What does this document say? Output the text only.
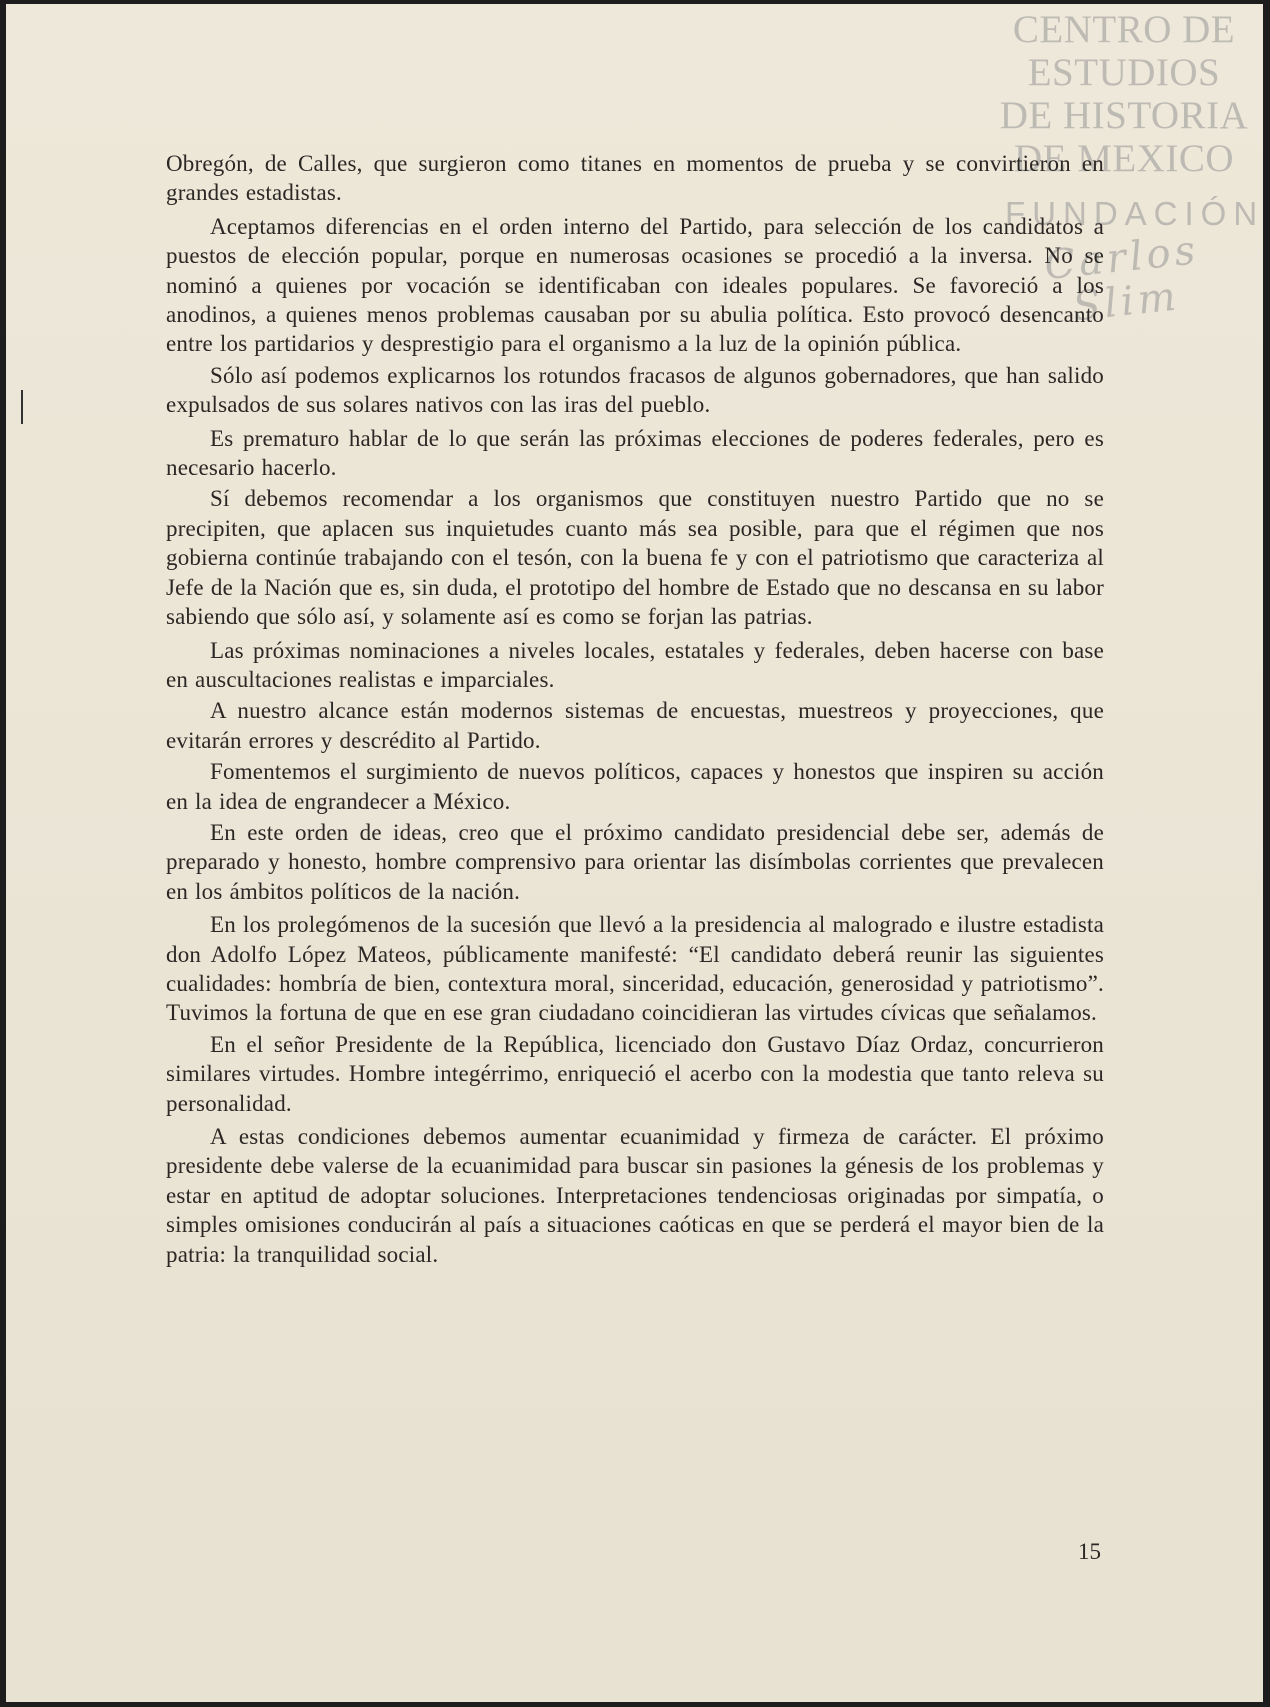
CENTRO DE
ESTUDIOS
DE HISTORIA
DE MEXICO
FUNDACIÓN
Carlos Slim

Obregón, de Calles, que surgieron como titanes en momentos de prueba y se convirtieron en grandes estadistas.

Aceptamos diferencias en el orden interno del Partido, para selección de los candidatos a puestos de elección popular, porque en numerosas ocasiones se procedió a la inversa. No se nominó a quienes por vocación se identificaban con ideales populares. Se favoreció a los anodinos, a quienes menos problemas causaban por su abulia política. Esto provocó desencanto entre los partidarios y desprestigio para el organismo a la luz de la opinión pública.

Sólo así podemos explicarnos los rotundos fracasos de algunos gobernadores, que han salido expulsados de sus solares nativos con las iras del pueblo.

Es prematuro hablar de lo que serán las próximas elecciones de poderes federales, pero es necesario hacerlo.

Sí debemos recomendar a los organismos que constituyen nuestro Partido que no se precipiten, que aplacen sus inquietudes cuanto más sea posible, para que el régimen que nos gobierna continúe trabajando con el tesón, con la buena fe y con el patriotismo que caracteriza al Jefe de la Nación que es, sin duda, el prototipo del hombre de Estado que no descansa en su labor sabiendo que sólo así, y solamente así es como se forjan las patrias.

Las próximas nominaciones a niveles locales, estatales y federales, deben hacerse con base en auscultaciones realistas e imparciales.

A nuestro alcance están modernos sistemas de encuestas, muestreos y proyecciones, que evitarán errores y descrédito al Partido.

Fomentemos el surgimiento de nuevos políticos, capaces y honestos que inspiren su acción en la idea de engrandecer a México.

En este orden de ideas, creo que el próximo candidato presidencial debe ser, además de preparado y honesto, hombre comprensivo para orientar las disímbolas corrientes que prevalecen en los ámbitos políticos de la nación.

En los prolegómenos de la sucesión que llevó a la presidencia al malogrado e ilustre estadista don Adolfo López Mateos, públicamente manifesté: “El candidato deberá reunir las siguientes cualidades: hombría de bien, contextura moral, sinceridad, educación, generosidad y patriotismo”. Tuvimos la fortuna de que en ese gran ciudadano coincidieran las virtudes cívicas que señalamos.

En el señor Presidente de la República, licenciado don Gustavo Díaz Ordaz, concurrieron similares virtudes. Hombre integérrimo, enriqueció el acerbo con la modestia que tanto releva su personalidad.

A estas condiciones debemos aumentar ecuanimidad y firmeza de carácter. El próximo presidente debe valerse de la ecuanimidad para buscar sin pasiones la génesis de los problemas y estar en aptitud de adoptar soluciones. Interpretaciones tendenciosas originadas por simpatía, o simples omisiones conducirán al país a situaciones caóticas en que se perderá el mayor bien de la patria: la tranquilidad social.

15
